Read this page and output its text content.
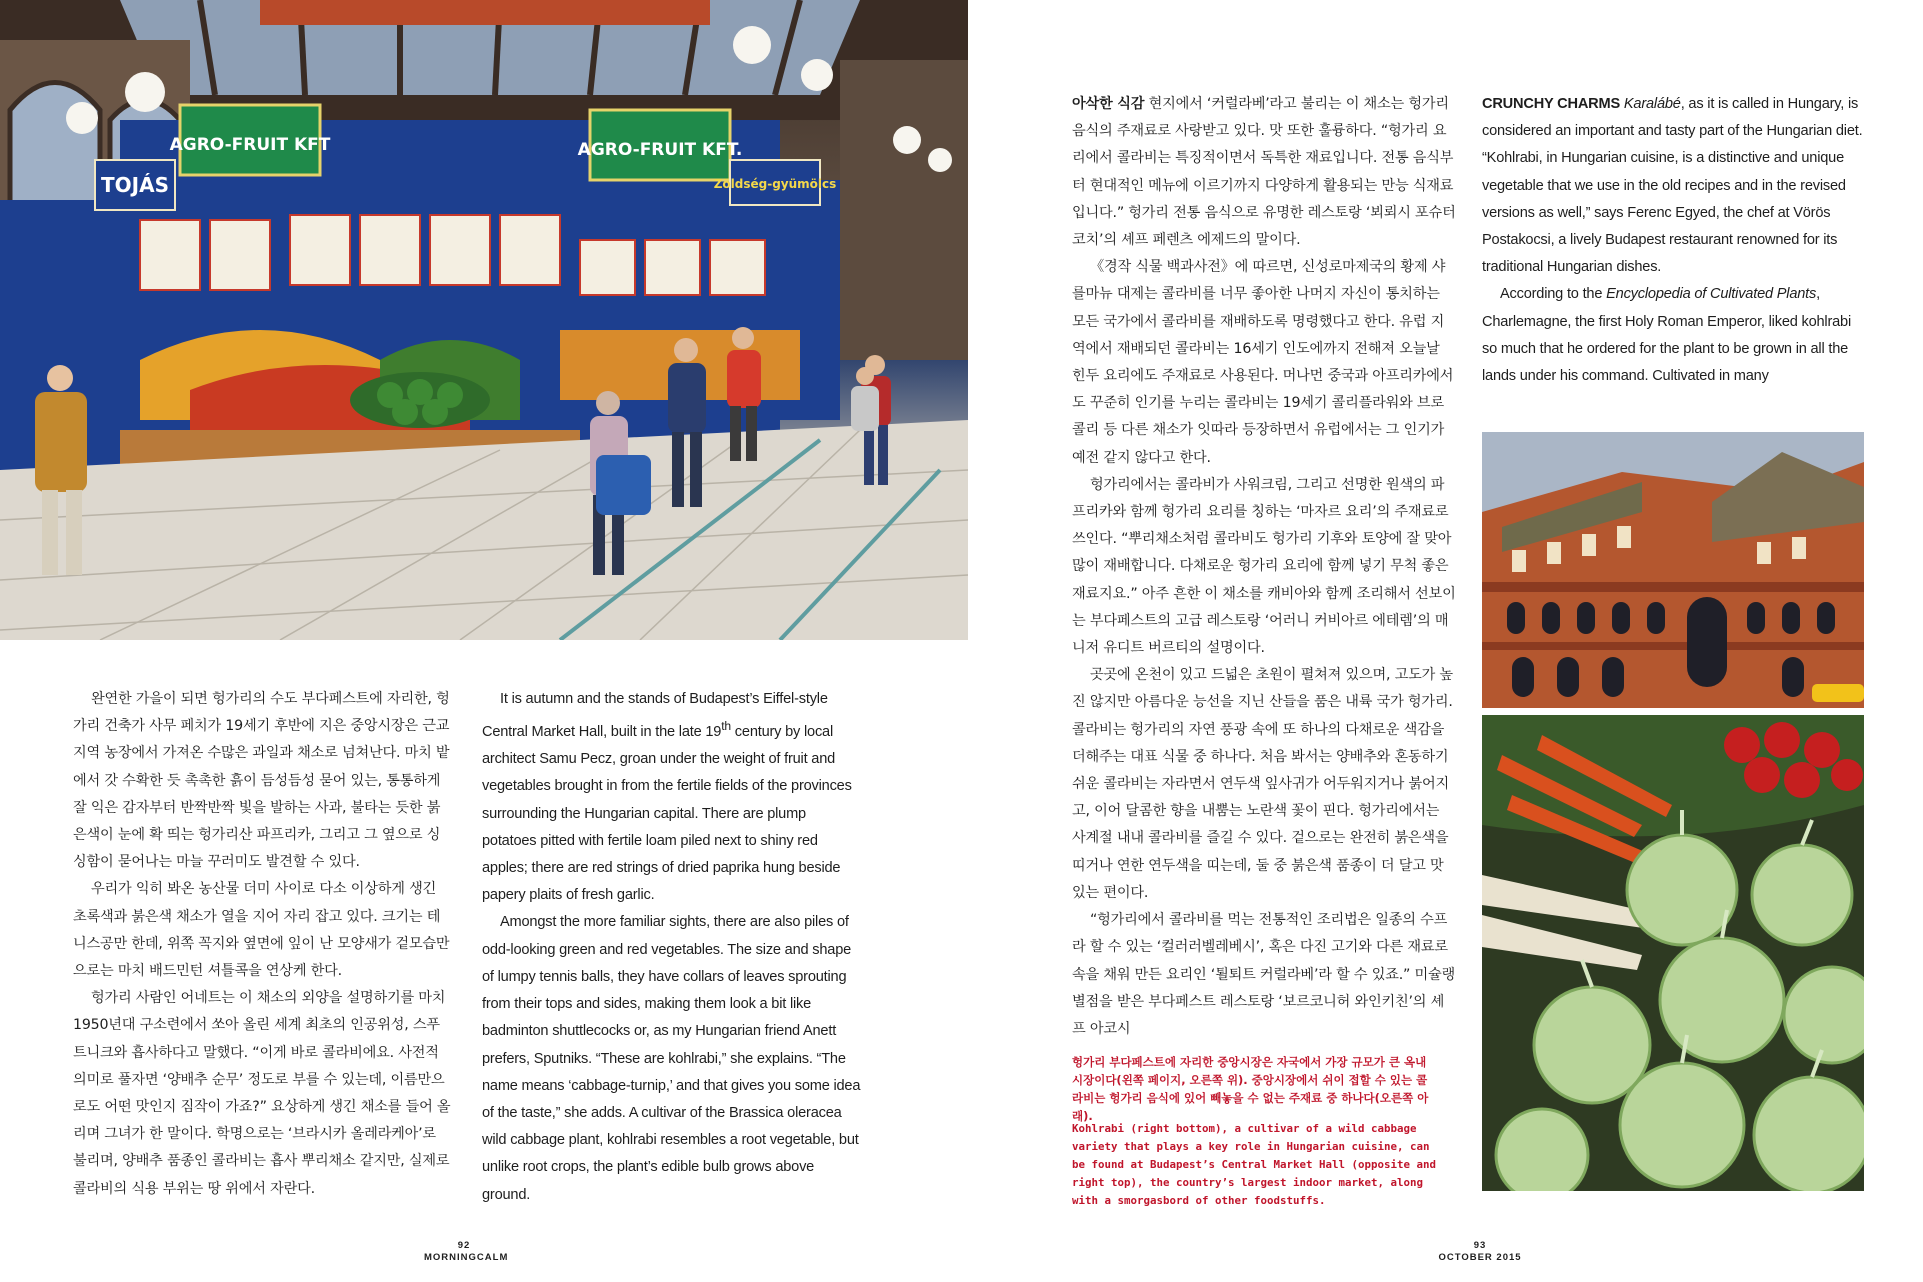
AGRO-FRUIT KFT	AGRO-FRUIT KFT.
TOJÁS	Zöldség-gyümölcs

완연한 가을이 되면 헝가리의 수도 부다페스트에 자리한, 헝가리 건축가 사무 페치가 19세기 후반에 지은 중앙시장은 근교 지역 농장에서 가져온 수많은 과일과 채소로 넘쳐난다. 마치 밭에서 갓 수확한 듯 촉촉한 흙이 듬성듬성 묻어 있는, 통통하게 잘 익은 감자부터 반짝반짝 빛을 발하는 사과, 불타는 듯한 붉은색이 눈에 확 띄는 헝가리산 파프리카, 그리고 그 옆으로 싱싱함이 묻어나는 마늘 꾸러미도 발견할 수 있다.

우리가 익히 봐온 농산물 더미 사이로 다소 이상하게 생긴 초록색과 붉은색 채소가 열을 지어 자리 잡고 있다. 크기는 테니스공만 한데, 위쪽 꼭지와 옆면에 잎이 난 모양새가 겉모습만으로는 마치 배드민턴 셔틀콕을 연상케 한다.

헝가리 사람인 어네트는 이 채소의 외양을 설명하기를 마치 1950년대 구소련에서 쏘아 올린 세계 최초의 인공위성, 스푸트니크와 흡사하다고 말했다. “이게 바로 콜라비에요. 사전적 의미로 풀자면 ‘양배추 순무’ 정도로 부를 수 있는데, 이름만으로도 어떤 맛인지 짐작이 가죠?” 요상하게 생긴 채소를 들어 올리며 그녀가 한 말이다. 학명으로는 ‘브라시카 올레라케아’로 불리며, 양배추 품종인 콜라비는 흡사 뿌리채소 같지만, 실제로 콜라비의 식용 부위는 땅 위에서 자란다.

It is autumn and the stands of Budapest’s Eiffel-style Central Market Hall, built in the late 19th century by local architect Samu Pecz, groan under the weight of fruit and vegetables brought in from the fertile fields of the provinces surrounding the Hungarian capital. There are plump potatoes pitted with fertile loam piled next to shiny red apples; there are red strings of dried paprika hung beside papery plaits of fresh garlic.

Amongst the more familiar sights, there are also piles of odd-looking green and red vegetables. The size and shape of lumpy tennis balls, they have collars of leaves sprouting from their tops and sides, making them look a bit like badminton shuttlecocks or, as my Hungarian friend Anett prefers, Sputniks. “These are kohlrabi,” she explains. “The name means ‘cabbage-turnip,’ and that gives you some idea of the taste,” she adds. A cultivar of the Brassica oleracea wild cabbage plant, kohlrabi resembles a root vegetable, but unlike root crops, the plant’s edible bulb grows above ground.

92
MORNINGCALM

아삭한 식감 현지에서 ‘커럴라베’라고 불리는 이 채소는 헝가리 음식의 주재료로 사랑받고 있다. 맛 또한 훌륭하다. “헝가리 요리에서 콜라비는 특징적이면서 독특한 재료입니다. 전통 음식부터 현대적인 메뉴에 이르기까지 다양하게 활용되는 만능 식재료입니다.” 헝가리 전통 음식으로 유명한 레스토랑 ‘뵈뢰시 포슈터코치’의 셰프 페렌츠 에제드의 말이다.

《경작 식물 백과사전》에 따르면, 신성로마제국의 황제 샤를마뉴 대제는 콜라비를 너무 좋아한 나머지 자신이 통치하는 모든 국가에서 콜라비를 재배하도록 명령했다고 한다. 유럽 지역에서 재배되던 콜라비는 16세기 인도에까지 전해져 오늘날 힌두 요리에도 주재료로 사용된다. 머나먼 중국과 아프리카에서도 꾸준히 인기를 누리는 콜라비는 19세기 콜리플라워와 브로콜리 등 다른 채소가 잇따라 등장하면서 유럽에서는 그 인기가 예전 같지 않다고 한다.

헝가리에서는 콜라비가 사워크림, 그리고 선명한 원색의 파프리카와 함께 헝가리 요리를 칭하는 ‘마자르 요리’의 주재료로 쓰인다. “뿌리채소처럼 콜라비도 헝가리 기후와 토양에 잘 맞아 많이 재배합니다. 다채로운 헝가리 요리에 함께 넣기 무척 좋은 재료지요.” 아주 흔한 이 채소를 캐비아와 함께 조리해서 선보이는 부다페스트의 고급 레스토랑 ‘어러니 커비아르 에테렘’의 매니저 유디트 버르티의 설명이다.

곳곳에 온천이 있고 드넓은 초원이 펼쳐져 있으며, 고도가 높진 않지만 아름다운 능선을 지닌 산들을 품은 내륙 국가 헝가리. 콜라비는 헝가리의 자연 풍광 속에 또 하나의 다채로운 색감을 더해주는 대표 식물 중 하나다. 처음 봐서는 양배추와 혼동하기 쉬운 콜라비는 자라면서 연두색 잎사귀가 어두워지거나 붉어지고, 이어 달콤한 향을 내뿜는 노란색 꽃이 핀다. 헝가리에서는 사계절 내내 콜라비를 즐길 수 있다. 겉으로는 완전히 붉은색을 띠거나 연한 연두색을 띠는데, 둘 중 붉은색 품종이 더 달고 맛있는 편이다.

“헝가리에서 콜라비를 먹는 전통적인 조리법은 일종의 수프라 할 수 있는 ‘컬러러벨레베시’, 혹은 다진 고기와 다른 재료로 속을 채워 만든 요리인 ‘퇼퇴트 커럴라베’라 할 수 있죠.” 미슐랭 별점을 받은 부다페스트 레스토랑 ‘보르코니허 와인키친’의 셰프 아코시

헝가리 부다페스트에 자리한 중앙시장은 자국에서 가장 규모가 큰 옥내 시장이다(왼쪽 페이지, 오른쪽 위). 중앙시장에서 쉬이 접할 수 있는 콜라비는 헝가리 음식에 있어 빼놓을 수 없는 주재료 중 하나다(오른쪽 아래).
Kohlrabi (right bottom), a cultivar of a wild cabbage variety that plays a key role in Hungarian cuisine, can be found at Budapest’s Central Market Hall (opposite and right top), the country’s largest indoor market, along with a smorgasbord of other foodstuffs.

CRUNCHY CHARMS Karalábé, as it is called in Hungary, is considered an important and tasty part of the Hungarian diet. “Kohlrabi, in Hungarian cuisine, is a distinctive and unique vegetable that we use in the old recipes and in the revised versions as well,” says Ferenc Egyed, the chef at Vörös Postakocsi, a lively Budapest restaurant renowned for its traditional Hungarian dishes.

According to the Encyclopedia of Cultivated Plants, Charlemagne, the first Holy Roman Emperor, liked kohlrabi so much that he ordered for the plant to be grown in all the lands under his command. Cultivated in many

93
OCTOBER 2015
